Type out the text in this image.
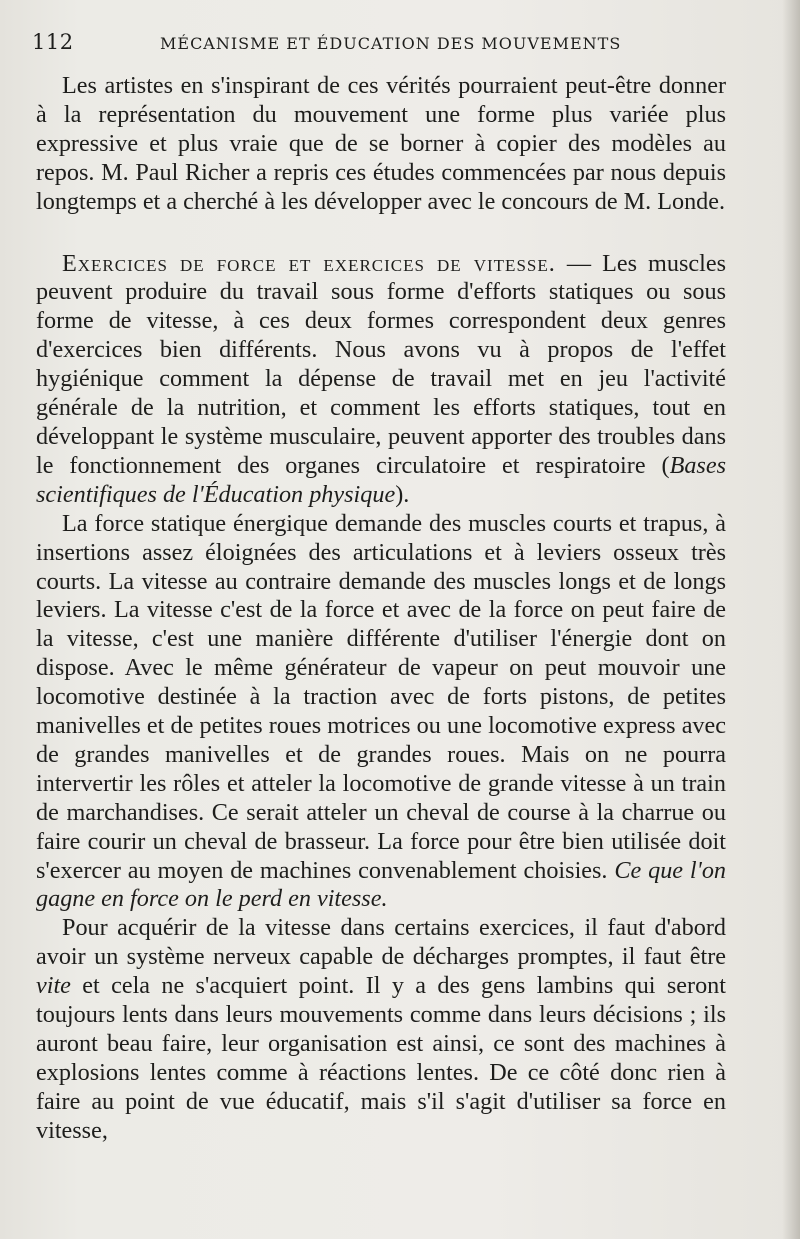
112	MÉCANISME ET ÉDUCATION DES MOUVEMENTS

Les artistes en s'inspirant de ces vérités pourraient peut-être donner à la représentation du mouvement une forme plus variée plus expressive et plus vraie que de se borner à copier des modèles au repos. M. Paul Richer a repris ces études commencées par nous depuis longtemps et a cherché à les développer avec le concours de M. Londe.

Exercices de force et exercices de vitesse. — Les muscles peuvent produire du travail sous forme d'efforts statiques ou sous forme de vitesse, à ces deux formes correspondent deux genres d'exercices bien différents. Nous avons vu à propos de l'effet hygiénique comment la dépense de travail met en jeu l'activité générale de la nutrition, et comment les efforts statiques, tout en développant le système musculaire, peuvent apporter des troubles dans le fonctionnement des organes circulatoire et respiratoire (Bases scientifiques de l'Éducation physique).

La force statique énergique demande des muscles courts et trapus, à insertions assez éloignées des articulations et à leviers osseux très courts. La vitesse au contraire demande des muscles longs et de longs leviers. La vitesse c'est de la force et avec de la force on peut faire de la vitesse, c'est une manière différente d'utiliser l'énergie dont on dispose. Avec le même générateur de vapeur on peut mouvoir une locomotive destinée à la traction avec de forts pistons, de petites manivelles et de petites roues motrices ou une locomotive express avec de grandes manivelles et de grandes roues. Mais on ne pourra intervertir les rôles et atteler la locomotive de grande vitesse à un train de marchandises. Ce serait atteler un cheval de course à la charrue ou faire courir un cheval de brasseur. La force pour être bien utilisée doit s'exercer au moyen de machines convenablement choisies. Ce que l'on gagne en force on le perd en vitesse.

Pour acquérir de la vitesse dans certains exercices, il faut d'abord avoir un système nerveux capable de décharges promptes, il faut être vite et cela ne s'acquiert point. Il y a des gens lambins qui seront toujours lents dans leurs mouvements comme dans leurs décisions ; ils auront beau faire, leur organisation est ainsi, ce sont des machines à explosions lentes comme à réactions lentes. De ce côté donc rien à faire au point de vue éducatif, mais s'il s'agit d'utiliser sa force en vitesse,
